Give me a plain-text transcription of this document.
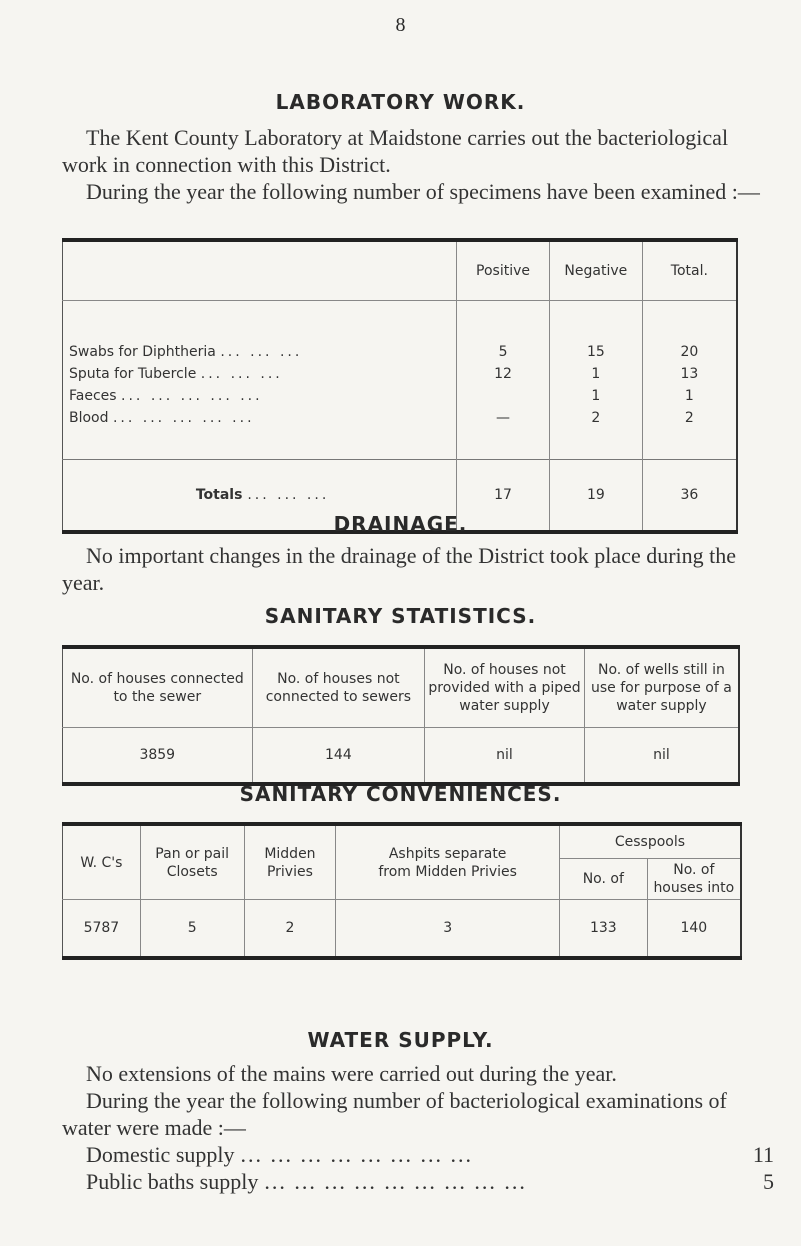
8
LABORATORY WORK.

The Kent County Laboratory at Maidstone carries out the bacteriological work in connection with this District.

During the year the following number of specimens have been examined :—

	Positive	Negative	Total.

Swabs for Diphtheria ... ... ...	5	15	20
Sputa for Tubercle ... ... ...	12	1	13
Faeces ... ... ... ... ...		1	1
Blood ... ... ... ... ...	—	2	2

Totals ... ... ...	17	19	36
DRAINAGE.

No important changes in the drainage of the District took place during the year.

SANITARY STATISTICS.
No. of houses connected to the sewer	No. of houses not connected to sewers	No. of houses not provided with a piped water supply	No. of wells still in use for purpose of a water supply
3859	144	nil	nil
SANITARY CONVENIENCES.
W. C's	Pan or pail Closets	Midden Privies	Ashpits separate from Midden Privies	Cesspools	
				No. of	No. of houses into
5787	5	2	3	133	140
WATER SUPPLY.

No extensions of the mains were carried out during the year.

During the year the following number of bacteriological examinations of water were made :—

Domestic supply ... ... ... ... ... ... ... ...	11
Public baths supply ... ... ... ... ... ... ... ... ...	5
